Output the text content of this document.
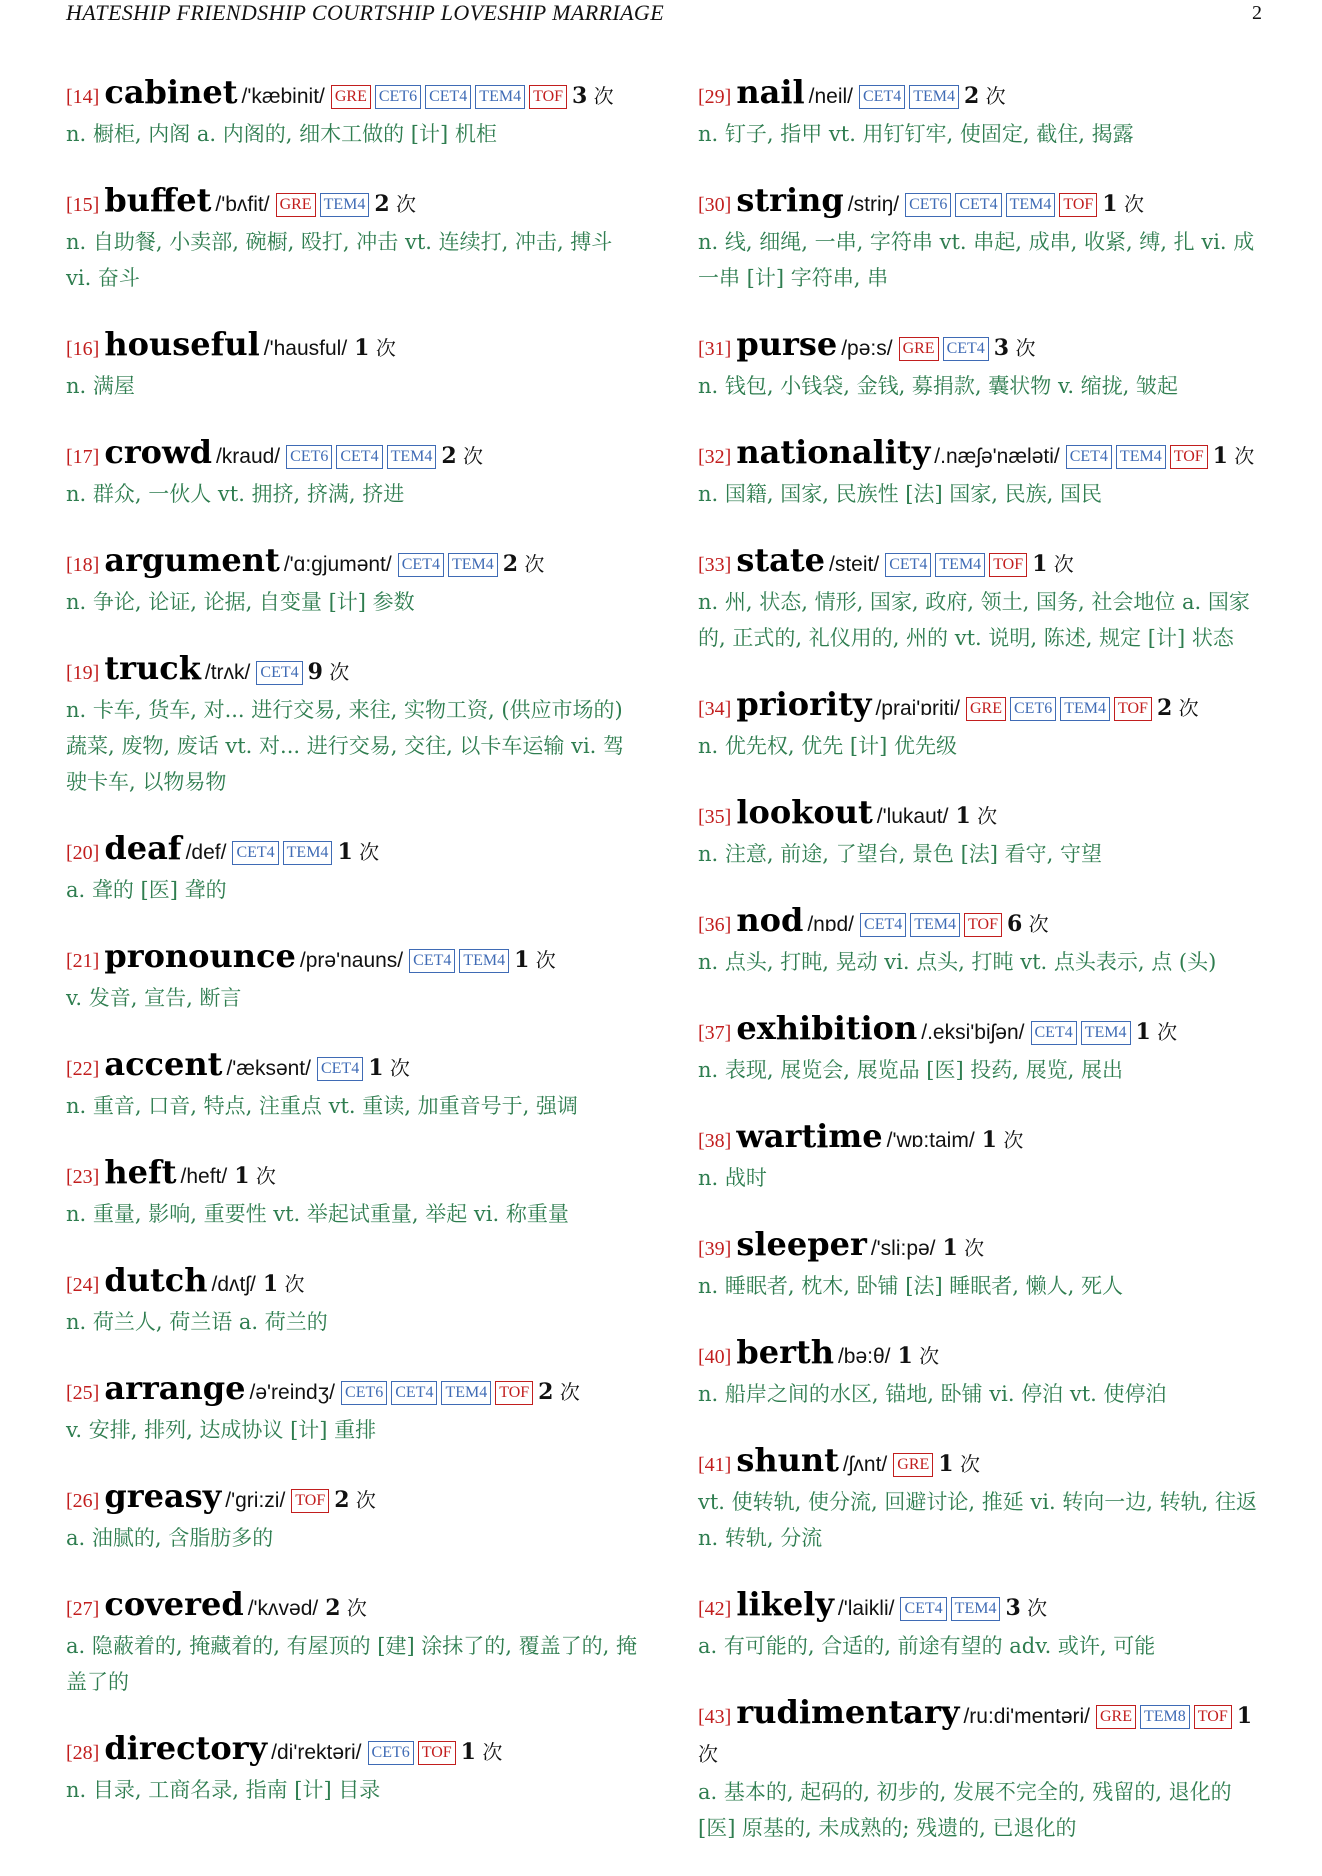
HATESHIP FRIENDSHIP COURTSHIP LOVESHIP MARRIAGE	2
[14] cabinet /'kæbinit/ GRE CET6 CET4 TEM4 TOF 3 次
n. 橱柜, 内阁 a. 内阁的, 细木工做的 [计] 机柜
[15] buffet /'bʌfit/ GRE TEM4 2 次
n. 自助餐, 小卖部, 碗橱, 殴打, 冲击 vt. 连续打, 冲击, 搏斗 vi. 奋斗
[16] houseful /'hausful/ 1 次
n. 满屋
[17] crowd /kraud/ CET6 CET4 TEM4 2 次
n. 群众, 一伙人 vt. 拥挤, 挤满, 挤进
[18] argument /'ɑ:gjumənt/ CET4 TEM4 2 次
n. 争论, 论证, 论据, 自变量 [计] 参数
[19] truck /trʌk/ CET4 9 次
n. 卡车, 货车, 对... 进行交易, 来往, 实物工资, (供应市场的) 蔬菜, 废物, 废话 vt. 对... 进行交易, 交往, 以卡车运输 vi. 驾驶卡车, 以物易物
[20] deaf /def/ CET4 TEM4 1 次
a. 聋的 [医] 聋的
[21] pronounce /prə'nauns/ CET4 TEM4 1 次
v. 发音, 宣告, 断言
[22] accent /'æksənt/ CET4 1 次
n. 重音, 口音, 特点, 注重点 vt. 重读, 加重音号于, 强调
[23] heft /heft/ 1 次
n. 重量, 影响, 重要性 vt. 举起试重量, 举起 vi. 称重量
[24] dutch /dʌtʃ/ 1 次
n. 荷兰人, 荷兰语 a. 荷兰的
[25] arrange /ə'reindʒ/ CET6 CET4 TEM4 TOF 2 次
v. 安排, 排列, 达成协议 [计] 重排
[26] greasy /'gri:zi/ TOF 2 次
a. 油腻的, 含脂肪多的
[27] covered /'kʌvəd/ 2 次
a. 隐蔽着的, 掩藏着的, 有屋顶的 [建] 涂抹了的, 覆盖了的, 掩盖了的
[28] directory /di'rektəri/ CET6 TOF 1 次
n. 目录, 工商名录, 指南 [计] 目录
[29] nail /neil/ CET4 TEM4 2 次
n. 钉子, 指甲 vt. 用钉钉牢, 使固定, 截住, 揭露
[30] string /striŋ/ CET6 CET4 TEM4 TOF 1 次
n. 线, 细绳, 一串, 字符串 vt. 串起, 成串, 收紧, 缚, 扎 vi. 成一串 [计] 字符串, 串
[31] purse /pə:s/ GRE CET4 3 次
n. 钱包, 小钱袋, 金钱, 募捐款, 囊状物 v. 缩拢, 皱起
[32] nationality /.næʃə'næləti/ CET4 TEM4 TOF 1 次
n. 国籍, 国家, 民族性 [法] 国家, 民族, 国民
[33] state /steit/ CET4 TEM4 TOF 1 次
n. 州, 状态, 情形, 国家, 政府, 领土, 国务, 社会地位 a. 国家的, 正式的, 礼仪用的, 州的 vt. 说明, 陈述, 规定 [计] 状态
[34] priority /prai'ɒriti/ GRE CET6 TEM4 TOF 2 次
n. 优先权, 优先 [计] 优先级
[35] lookout /'lukaut/ 1 次
n. 注意, 前途, 了望台, 景色 [法] 看守, 守望
[36] nod /nɒd/ CET4 TEM4 TOF 6 次
n. 点头, 打盹, 晃动 vi. 点头, 打盹 vt. 点头表示, 点 (头)
[37] exhibition /.eksi'biʃən/ CET4 TEM4 1 次
n. 表现, 展览会, 展览品 [医] 投药, 展览, 展出
[38] wartime /'wɒ:taim/ 1 次
n. 战时
[39] sleeper /'sli:pə/ 1 次
n. 睡眠者, 枕木, 卧铺 [法] 睡眠者, 懒人, 死人
[40] berth /bə:θ/ 1 次
n. 船岸之间的水区, 锚地, 卧铺 vi. 停泊 vt. 使停泊
[41] shunt /ʃʌnt/ GRE 1 次
vt. 使转轨, 使分流, 回避讨论, 推延 vi. 转向一边, 转轨, 往返 n. 转轨, 分流
[42] likely /'laikli/ CET4 TEM4 3 次
a. 有可能的, 合适的, 前途有望的 adv. 或许, 可能
[43] rudimentary /ru:di'mentəri/ GRE TEM8 TOF 1 次
a. 基本的, 起码的, 初步的, 发展不完全的, 残留的, 退化的 [医] 原基的, 未成熟的; 残遗的, 已退化的
